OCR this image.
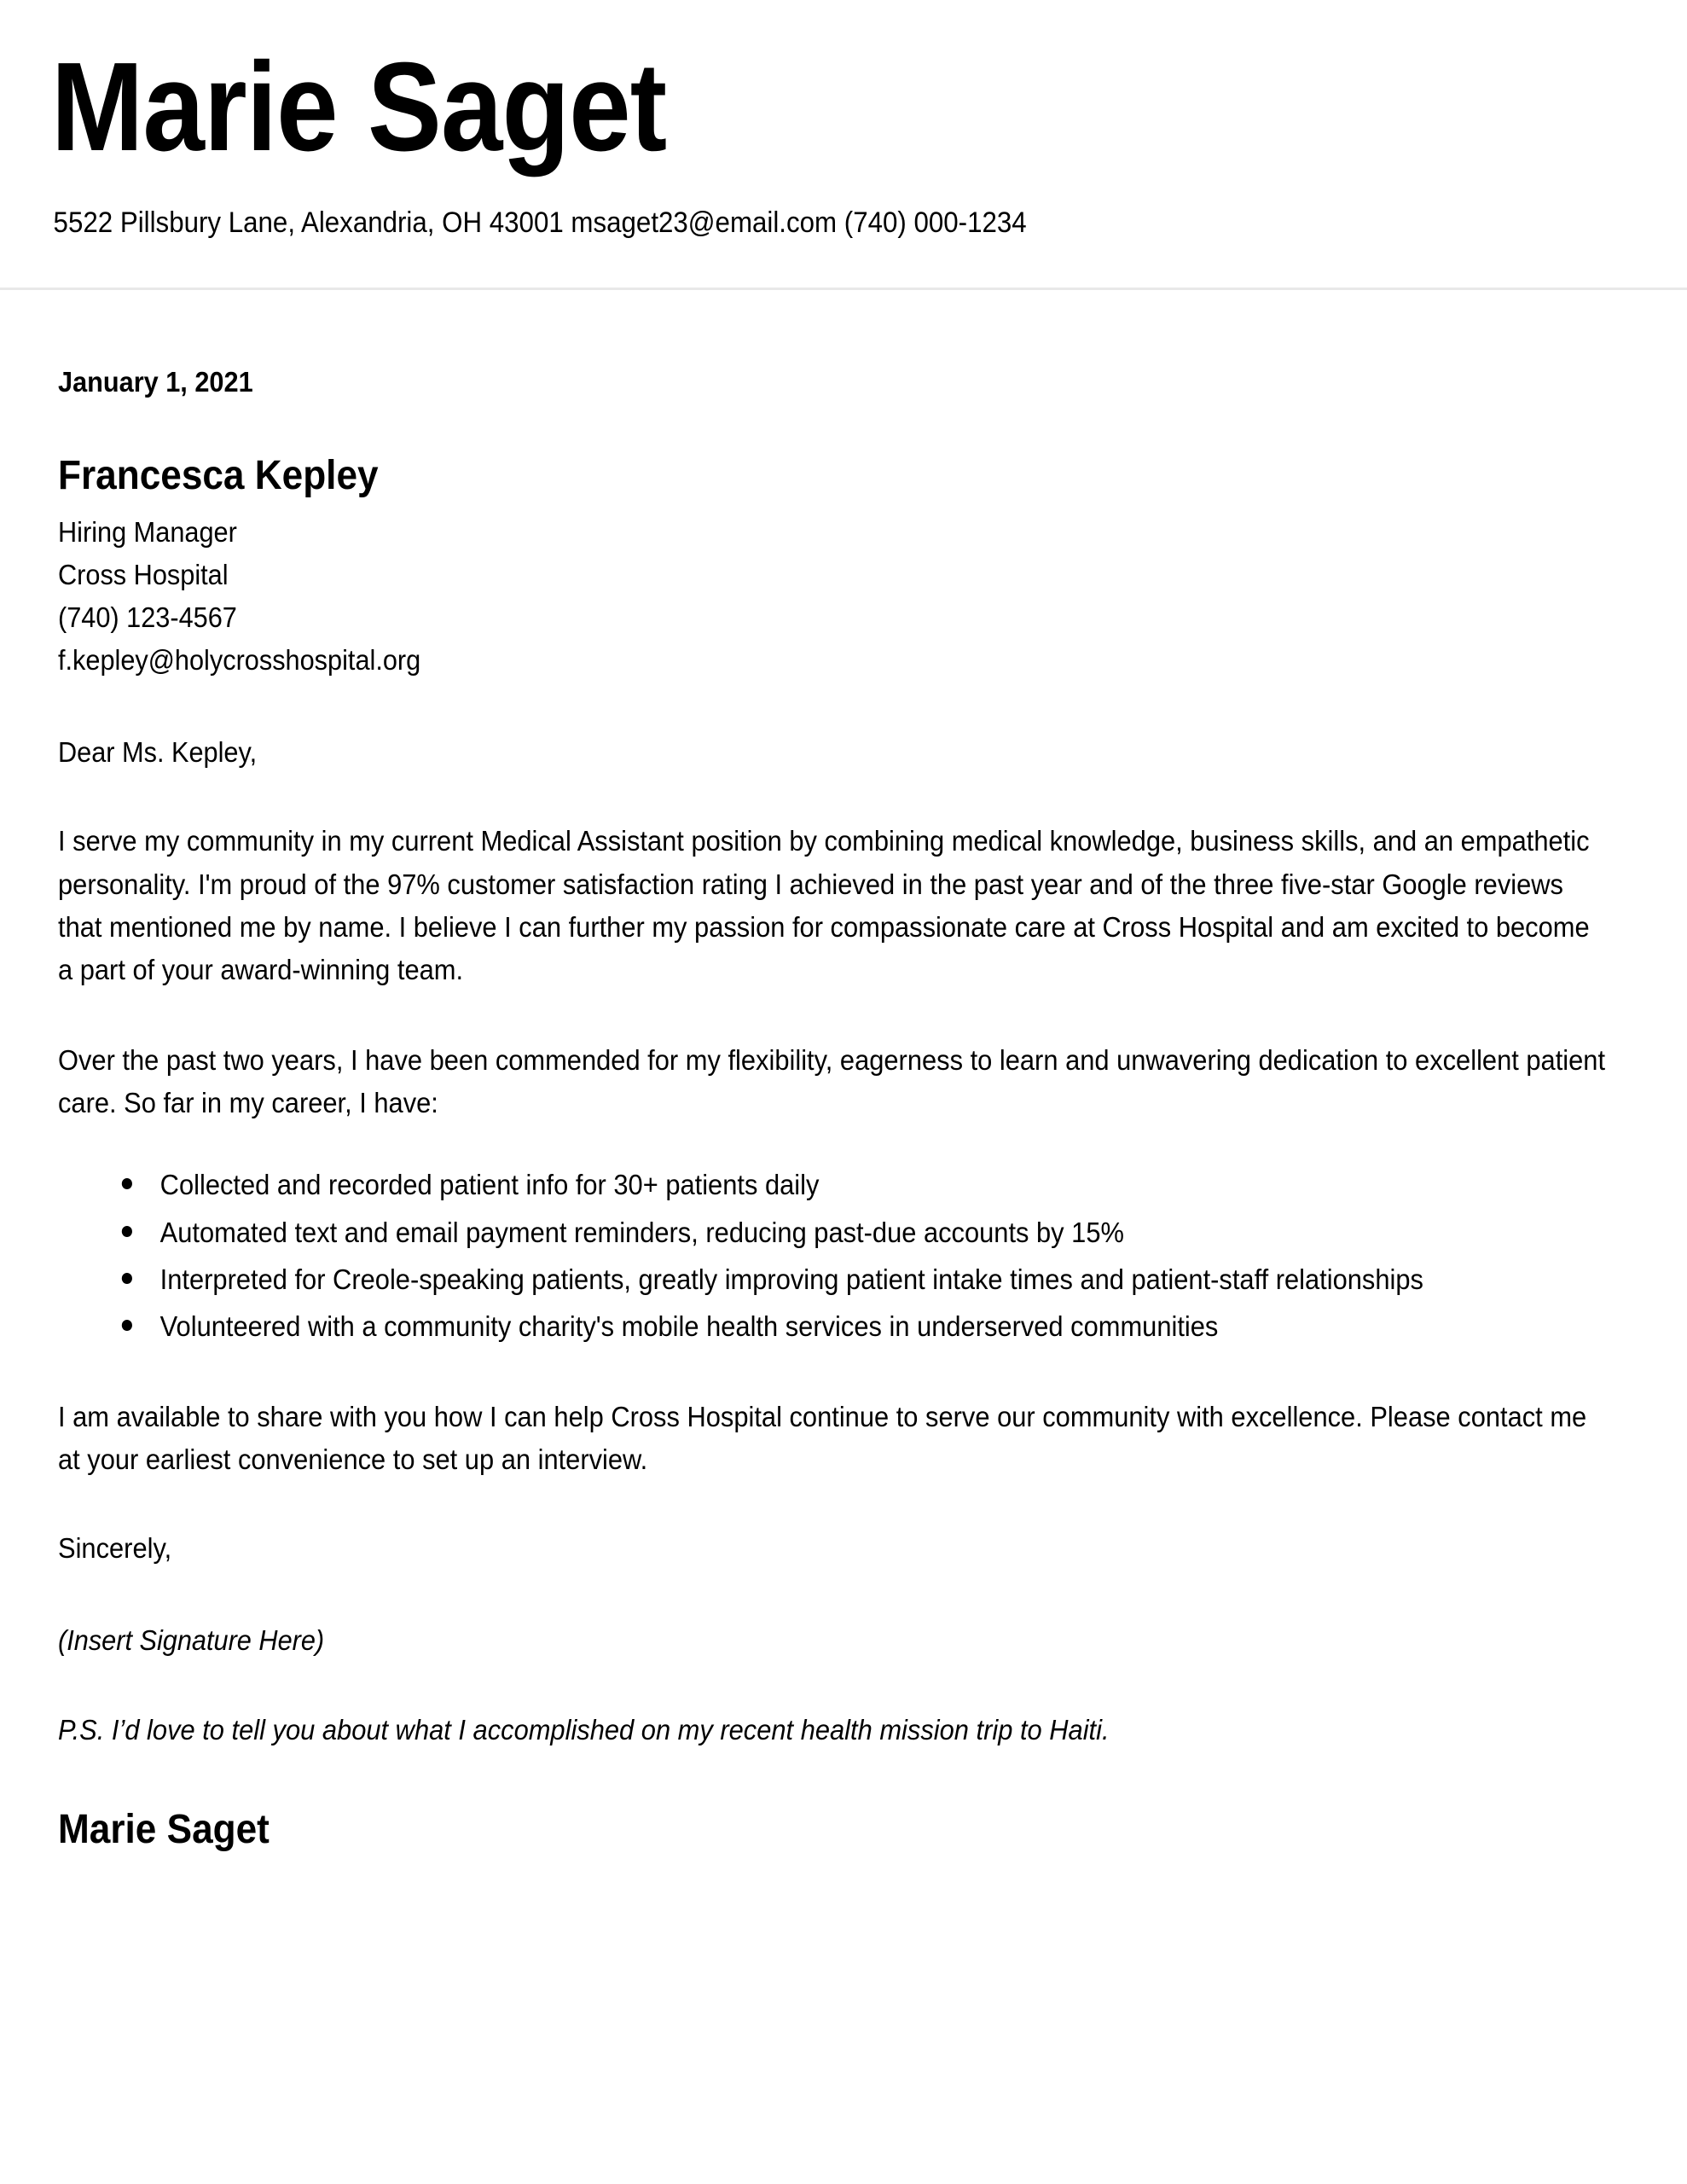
Marie Saget
5522 Pillsbury Lane, Alexandria, OH 43001 msaget23@email.com (740) 000-1234
January 1, 2021
Francesca Kepley
Hiring Manager
Cross Hospital
(740) 123-4567
f.kepley@holycrosshospital.org
Dear Ms. Kepley,

I serve my community in my current Medical Assistant position by combining medical knowledge, business skills, and an empathetic personality. I'm proud of the 97% customer satisfaction rating I achieved in the past year and of the three five-star Google reviews that mentioned me by name. I believe I can further my passion for compassionate care at Cross Hospital and am excited to become a part of your award-winning team.

Over the past two years, I have been commended for my flexibility, eagerness to learn and unwavering dedication to excellent patient care. So far in my career, I have:

Collected and recorded patient info for 30+ patients daily
Automated text and email payment reminders, reducing past-due accounts by 15%
Interpreted for Creole-speaking patients, greatly improving patient intake times and patient-staff relationships
Volunteered with a community charity's mobile health services in underserved communities

I am available to share with you how I can help Cross Hospital continue to serve our community with excellence. Please contact me at your earliest convenience to set up an interview.

Sincerely,
(Insert Signature Here)
P.S. I’d love to tell you about what I accomplished on my recent health mission trip to Haiti.
Marie Saget
